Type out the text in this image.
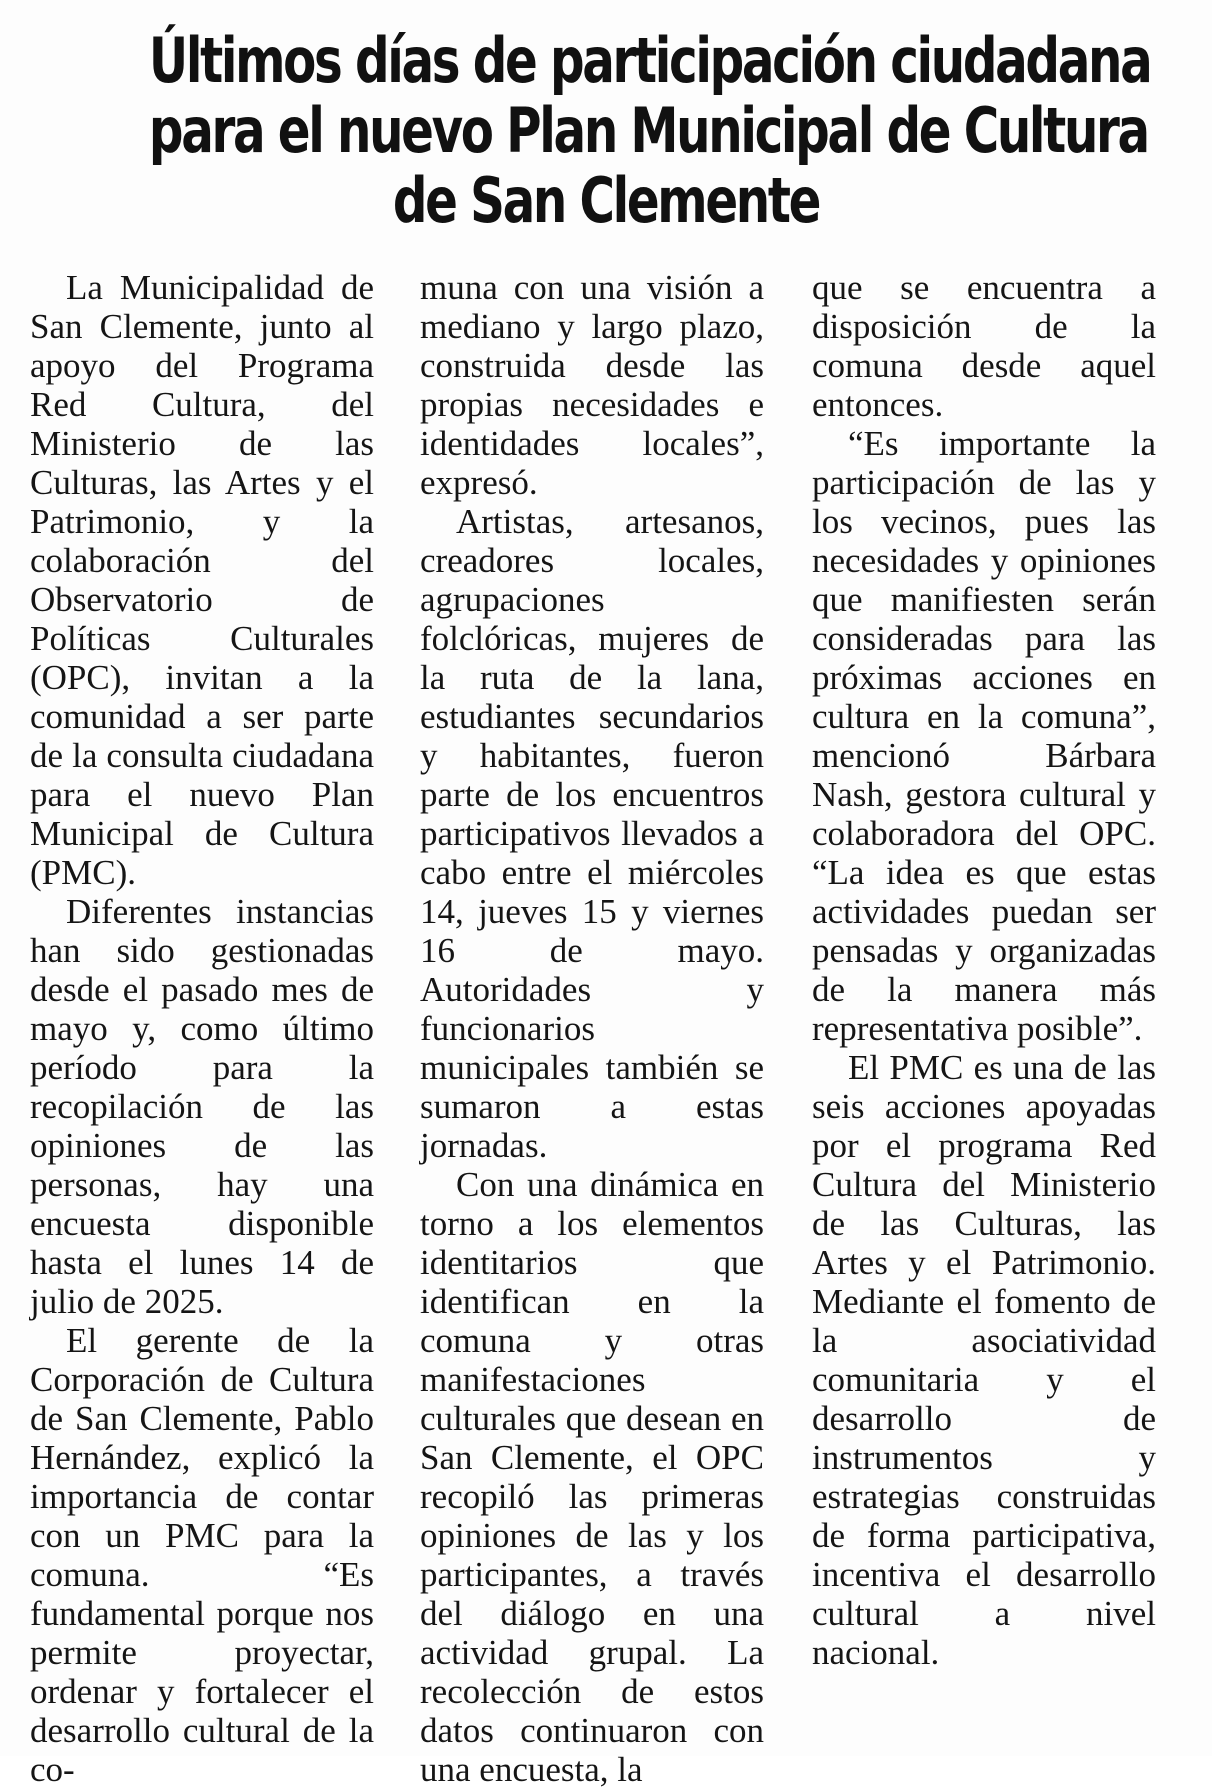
Últimos días de participación ciudadana
para el nuevo Plan Municipal de Cultura
de San Clemente

La Municipalidad de San Clemente, junto al apoyo del Programa Red Cultura, del Ministerio de las Culturas, las Artes y el Patrimonio, y la colaboración del Observatorio de Políticas Culturales (OPC), invitan a la comunidad a ser parte de la consulta ciudadana para el nuevo Plan Municipal de Cultura (PMC).

Diferentes instancias han sido gestionadas desde el pasado mes de mayo y, como último período para la recopilación de las opiniones de las personas, hay una encuesta disponible hasta el lunes 14 de julio de 2025.

El gerente de la Corporación de Cultura de San Clemente, Pablo Hernández, explicó la importancia de contar con un PMC para la comuna. “Es fundamental porque nos permite proyectar, ordenar y fortalecer el desarrollo cultural de la co-

muna con una visión a mediano y largo plazo, construida desde las propias necesidades e identidades locales”, expresó.

Artistas, artesanos, creadores locales, agrupaciones folclóricas, mujeres de la ruta de la lana, estudiantes secundarios y habitantes, fueron parte de los encuentros participativos llevados a cabo entre el miércoles 14, jueves 15 y viernes 16 de mayo. Autoridades y funcionarios municipales también se sumaron a estas jornadas.

Con una dinámica en torno a los elementos identitarios que identifican en la comuna y otras manifestaciones culturales que desean en San Clemente, el OPC recopiló las primeras opiniones de las y los participantes, a través del diálogo en una actividad grupal. La recolección de estos datos continuaron con una encuesta, la

que se encuentra a disposición de la comuna desde aquel entonces.

“Es importante la participación de las y los vecinos, pues las necesidades y opiniones que manifiesten serán consideradas para las próximas acciones en cultura en la comuna”, mencionó Bárbara Nash, gestora cultural y colaboradora del OPC. “La idea es que estas actividades puedan ser pensadas y organizadas de la manera más representativa posible”.

El PMC es una de las seis acciones apoyadas por el programa Red Cultura del Ministerio de las Culturas, las Artes y el Patrimonio. Mediante el fomento de la asociatividad comunitaria y el desarrollo de instrumentos y estrategias construidas de forma participativa, incentiva el desarrollo cultural a nivel nacional.
